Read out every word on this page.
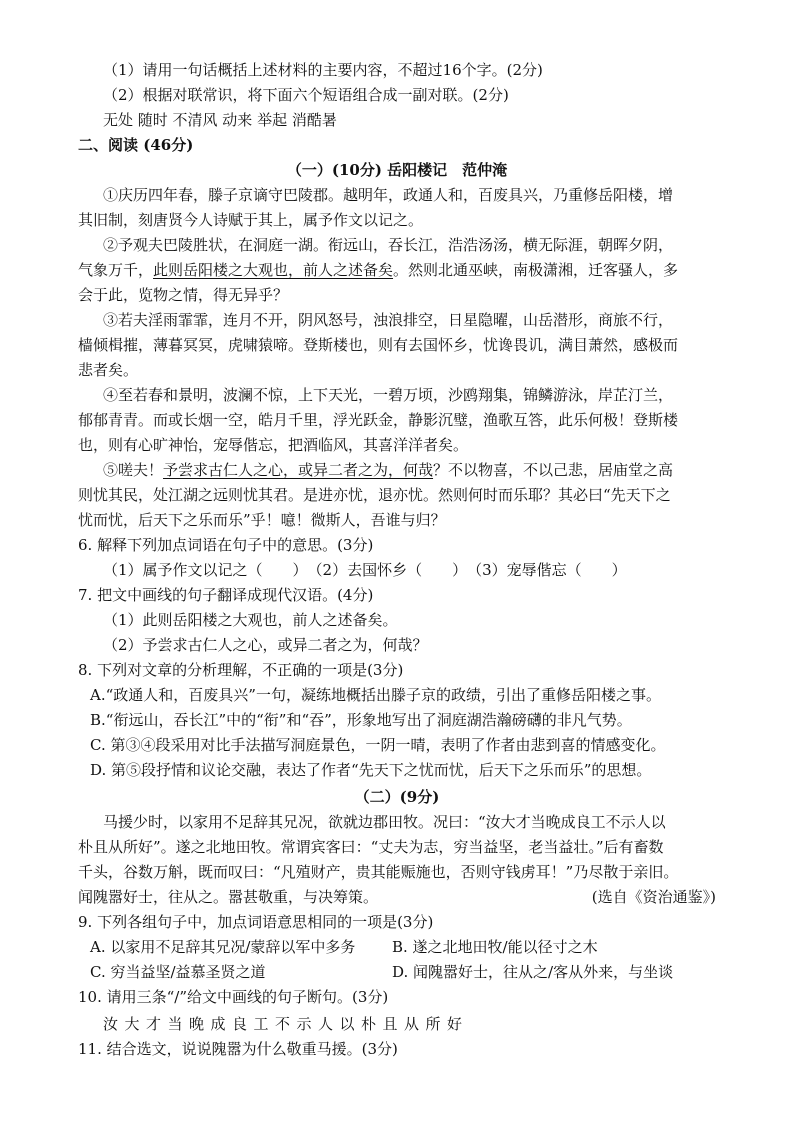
（1）请用一句话概括上述材料的主要内容，不超过16个字。(2分)
（2）根据对联常识，将下面六个短语组合成一副对联。(2分)
无处 随时 不清风 动来 举起 消酷暑
二、阅读 (46分)
（一）(10分) 岳阳楼记　范仲淹
①庆历四年春，滕子京谪守巴陵郡。越明年，政通人和，百废具兴，乃重修岳阳楼，增
其旧制，刻唐贤今人诗赋于其上，属予作文以记之。
②予观夫巴陵胜状，在洞庭一湖。衔远山，吞长江，浩浩汤汤，横无际涯，朝晖夕阴，
气象万千，此则岳阳楼之大观也，前人之述备矣。然则北通巫峡，南极潇湘，迁客骚人，多
会于此，览物之情，得无异乎？
③若夫淫雨霏霏，连月不开，阴风怒号，浊浪排空，日星隐曜，山岳潜形，商旅不行，
樯倾楫摧，薄暮冥冥，虎啸猿啼。登斯楼也，则有去国怀乡，忧谗畏讥，满目萧然，感极而
悲者矣。
④至若春和景明，波澜不惊，上下天光，一碧万顷，沙鸥翔集，锦鳞游泳，岸芷汀兰，
郁郁青青。而或长烟一空，皓月千里，浮光跃金，静影沉璧，渔歌互答，此乐何极！登斯楼
也，则有心旷神怡，宠辱偕忘，把酒临风，其喜洋洋者矣。
⑤嗟夫！予尝求古仁人之心，或异二者之为，何哉？不以物喜，不以己悲，居庙堂之高
则忧其民，处江湖之远则忧其君。是进亦忧，退亦忧。然则何时而乐耶？其必曰“先天下之
忧而忧，后天下之乐而乐”乎！噫！微斯人，吾谁与归？
6. 解释下列加点词语在句子中的意思。(3分)
（1）属予作文以记之（　　）　（2）去国怀乡（　　）　（3）宠辱偕忘（　　）
7. 把文中画线的句子翻译成现代汉语。(4分)
（1）此则岳阳楼之大观也，前人之述备矣。
（2）予尝求古仁人之心，或异二者之为，何哉？
8. 下列对文章的分析理解，不正确的一项是(3分)
A.“政通人和，百废具兴”一句，凝练地概括出滕子京的政绩，引出了重修岳阳楼之事。
B.“衔远山，吞长江”中的“衔”和“吞”，形象地写出了洞庭湖浩瀚磅礴的非凡气势。
C. 第③④段采用对比手法描写洞庭景色，一阴一晴，表明了作者由悲到喜的情感变化。
D. 第⑤段抒情和议论交融，表达了作者“先天下之忧而忧，后天下之乐而乐”的思想。
（二）(9分)
马援少时，以家用不足辞其兄况，欲就边郡田牧。况曰：“汝大才当晚成良工不示人以
朴且从所好”。遂之北地田牧。常谓宾客曰：“丈夫为志，穷当益坚，老当益壮。”后有畜数
千头，谷数万斛，既而叹曰：“凡殖财产，贵其能赈施也，否则守钱虏耳！”乃尽散于亲旧。
闻隗嚣好士，往从之。嚣甚敬重，与决筹策。	(选自《资治通鉴》)
9. 下列各组句子中，加点词语意思相同的一项是(3分)
A. 以家用不足辞其兄况/蒙辞以军中多务 B. 遂之北地田牧/能以径寸之木
C. 穷当益坚/益慕圣贤之道	D. 闻隗嚣好士，往从之/客从外来，与坐谈
10. 请用三条“/”给文中画线的句子断句。(3分)
汝大才当晚成良工不示人以朴且从所好
11. 结合选文，说说隗嚣为什么敬重马援。(3分)
